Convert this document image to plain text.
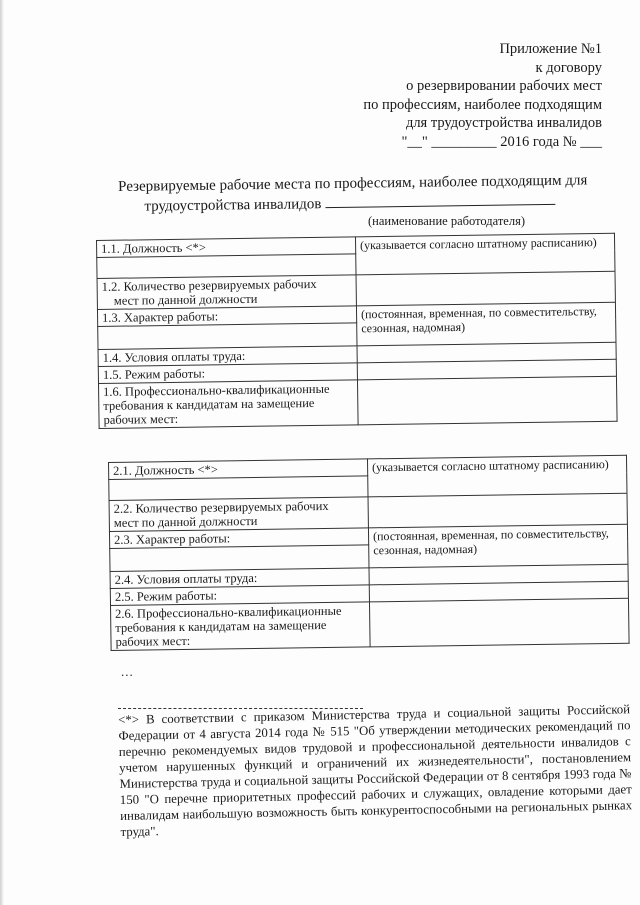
Приложение №1
к договору
о резервировании рабочих мест
по профессиям, наиболее подходящим
для трудоустройства инвалидов
"__" _________ 2016 года № ___
Резервируемые рабочие места по профессиям, наиболее подходящим для
трудоустройства инвалидов
(наименование работодателя)
1.1. Должность <*>	(указывается согласно штатному расписанию)

1.2. Количество резервируемых рабочих
мест по данной должности	

1.3. Характер работы:	(постоянная, временная, по совместительству, сезонная, надомная)

1.4. Условия оплаты труда:	
1.5. Режим работы:	
1.6. Профессионально-квалификационные
требования к кандидатам на замещение
рабочих мест:	
2.1. Должность <*>	(указывается согласно штатному расписанию)

2.2. Количество резервируемых рабочих
мест по данной должности	
2.3. Характер работы:	(постоянная, временная, по совместительству, сезонная, надомная)

2.4. Условия оплаты труда:	
2.5. Режим работы:	
2.6. Профессионально-квалификационные
требования к кандидатам на замещение
рабочих мест:	
...
<*> В соответствии с приказом Министерства труда и социальной защиты Российской Федерации от 4 августа 2014 года № 515 "Об утверждении методических рекомендаций по перечню рекомендуемых видов трудовой и профессиональной деятельности инвалидов с учетом нарушенных функций и ограничений их жизнедеятельности", постановлением Министерства труда и социальной защиты Российской Федерации от 8 сентября 1993 года № 150 "О перечне приоритетных профессий рабочих и служащих, овладение которыми дает инвалидам наибольшую возможность быть конкурентоспособными на региональных рынках труда".
